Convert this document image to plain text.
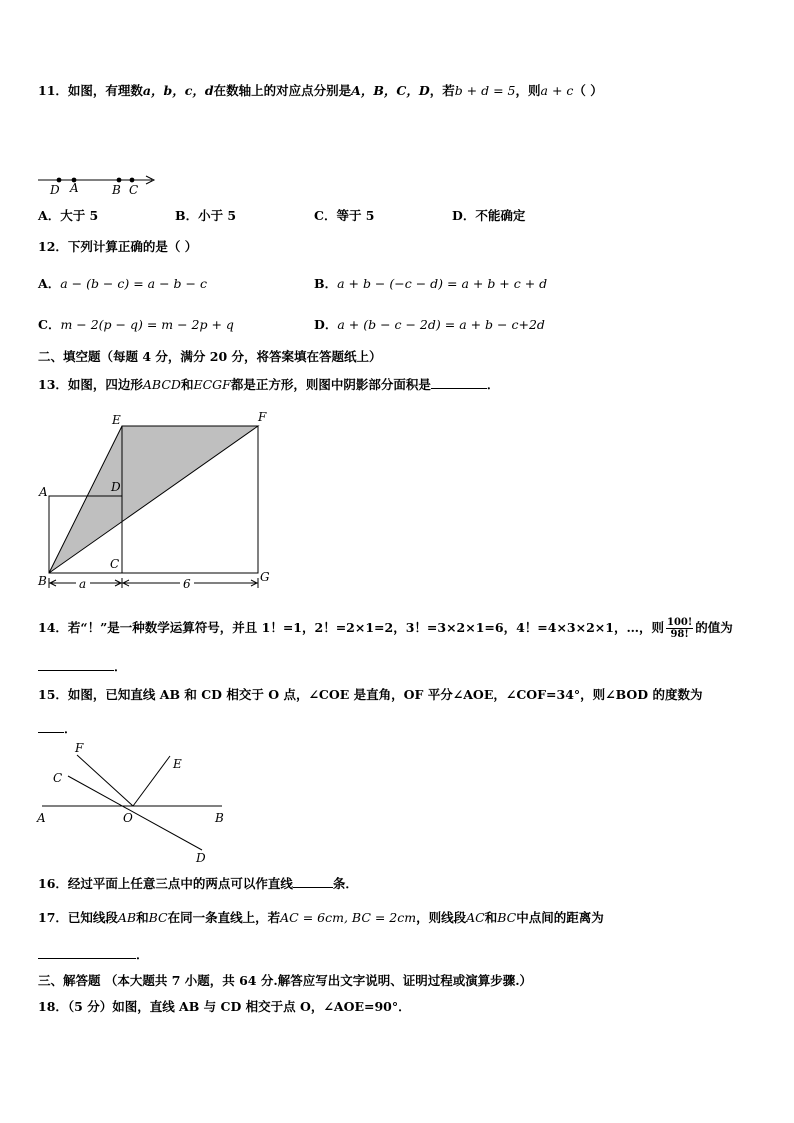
11．如图，有理数a，b，c，d在数轴上的对应点分别是A，B，C，D，若b + d = 5，则a + c（ ）
D A	B C
A．大于 5	B．小于 5	C．等于 5	D．不能确定
12．下列计算正确的是（ ）
A．a − (b − c) = a − b − c	B．a + b − (−c − d) = a + b + c + d
C．m − 2(p − q) = m − 2p + q	D．a + (b − c − 2d) = a + b − c+2d
二、填空题（每题 4 分，满分 20 分，将答案填在答题纸上）
13．如图，四边形ABCD和ECGF都是正方形，则图中阴影部分面积是	．
E	F
A	D
C
B	G
a	6
14．若“！”是一种数学运算符号，并且 1！=1，2！=2×1=2，3！=3×2×1=6，4！=4×3×2×1，…，则 $\frac{100!}{98!}$ 的值为
．
15．如图，已知直线 AB 和 CD 相交于 O 点，∠COE 是直角，OF 平分∠AOE，∠COF=34°，则∠BOD 的度数为
．
F
E
C
A	O	B
D
16．经过平面上任意三点中的两点可以作直线	条．
17．已知线段AB和BC在同一条直线上，若AC = 6cm, BC = 2cm，则线段AC和BC中点间的距离为
．
三、解答题 （本大题共 7 小题，共 64 分.解答应写出文字说明、证明过程或演算步骤.）
18．（5 分）如图，直线 AB 与 CD 相交于点 O，∠AOE=90°．
